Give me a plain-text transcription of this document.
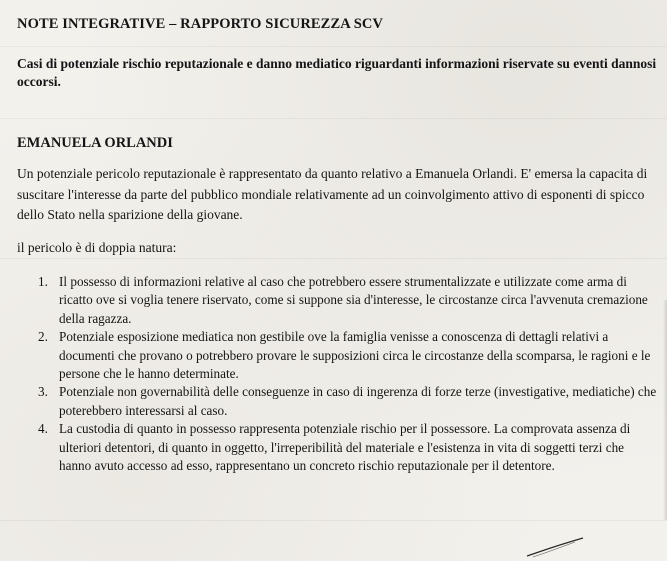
NOTE INTEGRATIVE – RAPPORTO SICUREZZA SCV
Casi di potenziale rischio reputazionale e danno mediatico riguardanti informazioni riservate su eventi dannosi occorsi.
EMANUELA ORLANDI
Un potenziale pericolo reputazionale è rappresentato da quanto relativo a Emanuela Orlandi. E' emersa la capacita di suscitare l'interesse da parte del pubblico mondiale relativamente ad un coinvolgimento attivo di esponenti di spicco dello Stato nella sparizione della giovane.
il pericolo è di doppia natura:
1. Il possesso di informazioni relative al caso che potrebbero essere strumentalizzate e utilizzate come arma di ricatto ove si voglia tenere riservato, come si suppone sia d'interesse, le circostanze circa l'avvenuta cremazione della ragazza.
2. Potenziale esposizione mediatica non gestibile ove la famiglia venisse a conoscenza di dettagli relativi a documenti che provano o potrebbero provare le supposizioni circa le circostanze della scomparsa, le ragioni e le persone che le hanno determinate.
3. Potenziale non governabilità delle conseguenze in caso di ingerenza di forze terze (investigative, mediatiche) che poterebbero interessarsi al caso.
4. La custodia di quanto in possesso rappresenta potenziale rischio per il possessore. La comprovata assenza di ulteriori detentori, di quanto in oggetto, l'irreperibilità del materiale e l'esistenza in vita di soggetti terzi che hanno avuto accesso ad esso, rappresentano un concreto rischio reputazionale per il detentore.
